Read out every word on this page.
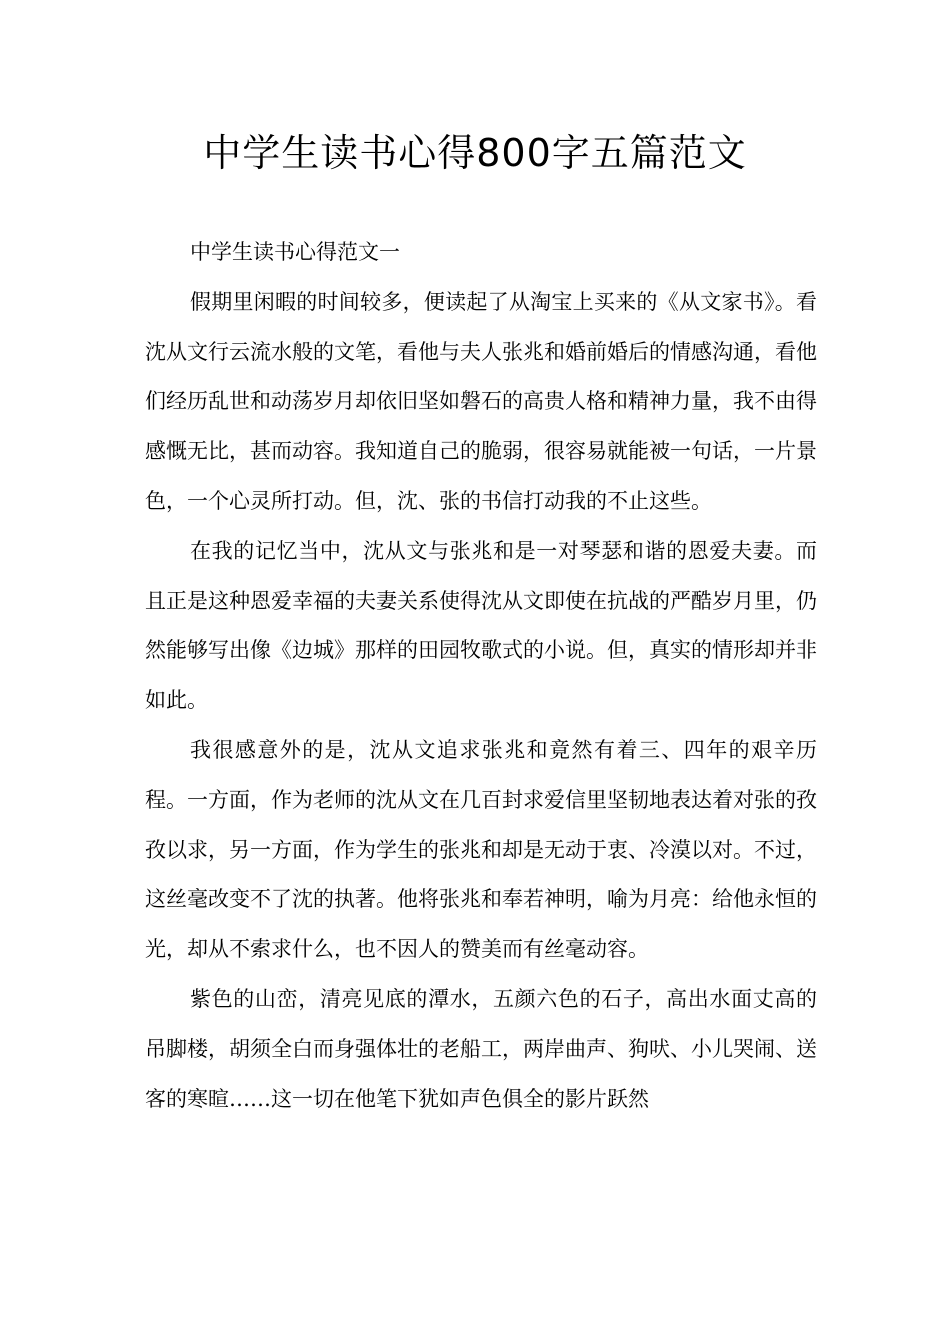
中学生读书心得800字五篇范文

中学生读书心得范文一

假期里闲暇的时间较多，便读起了从淘宝上买来的《从文家书》。看沈从文行云流水般的文笔，看他与夫人张兆和婚前婚后的情感沟通，看他们经历乱世和动荡岁月却依旧坚如磐石的高贵人格和精神力量，我不由得感慨无比，甚而动容。我知道自己的脆弱，很容易就能被一句话，一片景色，一个心灵所打动。但，沈、张的书信打动我的不止这些。

在我的记忆当中，沈从文与张兆和是一对琴瑟和谐的恩爱夫妻。而且正是这种恩爱幸福的夫妻关系使得沈从文即使在抗战的严酷岁月里，仍然能够写出像《边城》那样的田园牧歌式的小说。但，真实的情形却并非如此。

我很感意外的是，沈从文追求张兆和竟然有着三、四年的艰辛历程。一方面，作为老师的沈从文在几百封求爱信里坚韧地表达着对张的孜孜以求，另一方面，作为学生的张兆和却是无动于衷、冷漠以对。不过，这丝毫改变不了沈的执著。他将张兆和奉若神明，喻为月亮：给他永恒的光，却从不索求什么，也不因人的赞美而有丝毫动容。

紫色的山峦，清亮见底的潭水，五颜六色的石子，高出水面丈高的吊脚楼，胡须全白而身强体壮的老船工，两岸曲声、狗吠、小儿哭闹、送客的寒暄……这一切在他笔下犹如声色俱全的影片跃然
